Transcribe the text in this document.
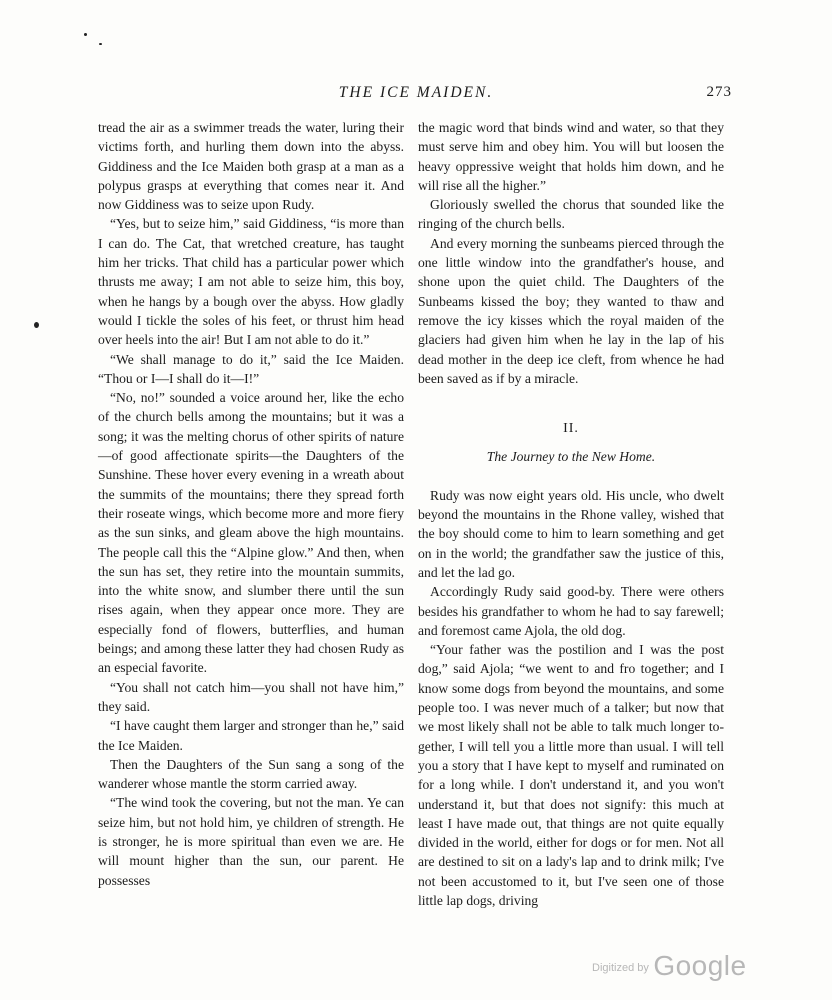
THE ICE MAIDEN.	273

tread the air as a swimmer treads the water, luring their victims forth, and hurling them down into the abyss. Giddiness and the Ice Maiden both grasp at a man as a polypus grasps at everything that comes near it. And now Giddiness was to seize upon Rudy.

“Yes, but to seize him,” said Giddiness, “is more than I can do. The Cat, that wretched creature, has taught him her tricks. That child has a particular power which thrusts me away; I am not able to seize him, this boy, when he hangs by a bough over the abyss. How gladly would I tickle the soles of his feet, or thrust him head over heels into the air! But I am not able to do it.”

“We shall manage to do it,” said the Ice Maiden. “Thou or I—I shall do it—I!”

“No, no!” sounded a voice around her, like the echo of the church bells among the mountains; but it was a song; it was the melting chorus of other spirits of nature—of good affectionate spirits—the Daughters of the Sunshine. These hover every evening in a wreath about the summits of the mountains; there they spread forth their roseate wings, which become more and more fiery as the sun sinks, and gleam above the high mountains. The people call this the “Alpine glow.” And then, when the sun has set, they retire into the mountain summits, into the white snow, and slumber there until the sun rises again, when they appear once more. They are especially fond of flowers, butterflies, and human beings; and among these latter they had chosen Rudy as an especial favorite.

“You shall not catch him—you shall not have him,” they said.

“I have caught them larger and stronger than he,” said the Ice Maiden.

Then the Daughters of the Sun sang a song of the wanderer whose mantle the storm carried away.

“The wind took the covering, but not the man. Ye can seize him, but not hold him, ye children of strength. He is stronger, he is more spiritual than even we are. He will mount higher than the sun, our parent. He possesses

the magic word that binds wind and water, so that they must serve him and obey him. You will but loosen the heavy oppressive weight that holds him down, and he will rise all the higher.”

Gloriously swelled the chorus that sounded like the ringing of the church bells.

And every morning the sunbeams pierced through the one little window into the grandfather's house, and shone upon the quiet child. The Daughters of the Sunbeams kissed the boy; they wanted to thaw and remove the icy kisses which the royal maiden of the glaciers had given him when he lay in the lap of his dead mother in the deep ice cleft, from whence he had been saved as if by a miracle.

II.
The Journey to the New Home.

Rudy was now eight years old. His uncle, who dwelt beyond the mountains in the Rhone valley, wished that the boy should come to him to learn something and get on in the world; the grandfather saw the justice of this, and let the lad go.

Accordingly Rudy said good-by. There were others besides his grandfather to whom he had to say farewell; and foremost came Ajola, the old dog.

“Your father was the postilion and I was the post dog,” said Ajola; “we went to and fro together; and I know some dogs from beyond the mountains, and some people too. I was never much of a talker; but now that we most likely shall not be able to talk much longer together, I will tell you a little more than usual. I will tell you a story that I have kept to myself and ruminated on for a long while. I don't understand it, and you won't understand it, but that does not signify: this much at least I have made out, that things are not quite equally divided in the world, either for dogs or for men. Not all are destined to sit on a lady's lap and to drink milk; I've not been accustomed to it, but I've seen one of those little lap dogs, driving

$^{Digitized by}$ Google
